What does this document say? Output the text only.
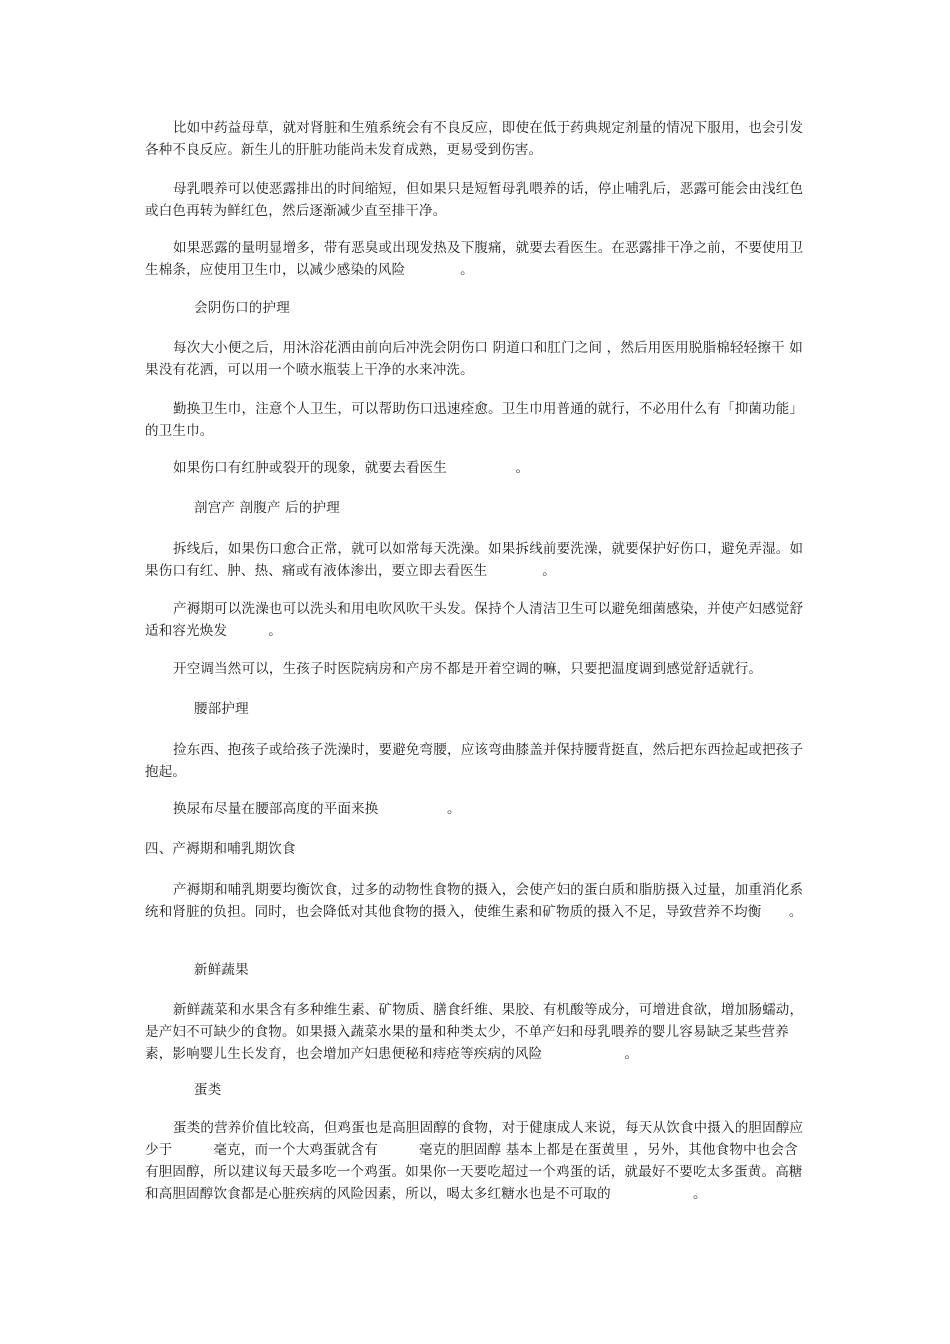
比如中药益母草，就对肾脏和生殖系统会有不良反应，即使在低于药典规定剂量的情况下服用，也会引发各种不良反应。新生儿的肝脏功能尚未发育成熟，更易受到伤害。

母乳喂养可以使恶露排出的时间缩短，但如果只是短暂母乳喂养的话，停止哺乳后，恶露可能会由浅红色或白色再转为鲜红色，然后逐渐减少直至排干净。

如果恶露的量明显增多，带有恶臭或出现发热及下腹痛，就要去看医生。在恶露排干净之前，不要使用卫生棉条，应使用卫生巾，以减少感染的风险　　　　。

会阴伤口的护理

每次大小便之后，用沐浴花洒由前向后冲洗会阴伤口 阴道口和肛门之间 ，然后用医用脱脂棉轻轻擦干 如果没有花洒，可以用一个喷水瓶装上干净的水来冲洗。

勤换卫生巾，注意个人卫生，可以帮助伤口迅速痊愈。卫生巾用普通的就行，不必用什么有「抑菌功能」的卫生巾。

如果伤口有红肿或裂开的现象，就要去看医生　　　　　。

剖宫产 剖腹产 后的护理

拆线后，如果伤口愈合正常，就可以如常每天洗澡。如果拆线前要洗澡，就要保护好伤口，避免弄湿。如果伤口有红、肿、热、痛或有液体渗出，要立即去看医生　　　　。

产褥期可以洗澡也可以洗头和用电吹风吹干头发。保持个人清洁卫生可以避免细菌感染，并使产妇感觉舒适和容光焕发　　　。

开空调当然可以，生孩子时医院病房和产房不都是开着空调的嘛，只要把温度调到感觉舒适就行。

腰部护理

捡东西、抱孩子或给孩子洗澡时，要避免弯腰，应该弯曲膝盖并保持腰背挺直，然后把东西捡起或把孩子抱起。

换尿布尽量在腰部高度的平面来换　　　　　。

四、产褥期和哺乳期饮食

产褥期和哺乳期要均衡饮食，过多的动物性食物的摄入，会使产妇的蛋白质和脂肪摄入过量，加重消化系统和肾脏的负担。同时，也会降低对其他食物的摄入，使维生素和矿物质的摄入不足，导致营养不均衡　　。

新鲜蔬果

新鲜蔬菜和水果含有多种维生素、矿物质、膳食纤维、果胶、有机酸等成分，可增进食欲，增加肠蠕动，是产妇不可缺少的食物。如果摄入蔬菜水果的量和种类太少，不单产妇和母乳喂养的婴儿容易缺乏某些营养素，影响婴儿生长发育，也会增加产妇患便秘和痔疮等疾病的风险　　　　　　。

蛋类

蛋类的营养价值比较高，但鸡蛋也是高胆固醇的食物，对于健康成人来说，每天从饮食中摄入的胆固醇应少于　　　毫克，而一个大鸡蛋就含有　　　毫克的胆固醇 基本上都是在蛋黄里 ，另外，其他食物中也会含有胆固醇，所以建议每天最多吃一个鸡蛋。如果你一天要吃超过一个鸡蛋的话，就最好不要吃太多蛋黄。高糖和高胆固醇饮食都是心脏疾病的风险因素，所以，喝太多红糖水也是不可取的　　　　　　。
